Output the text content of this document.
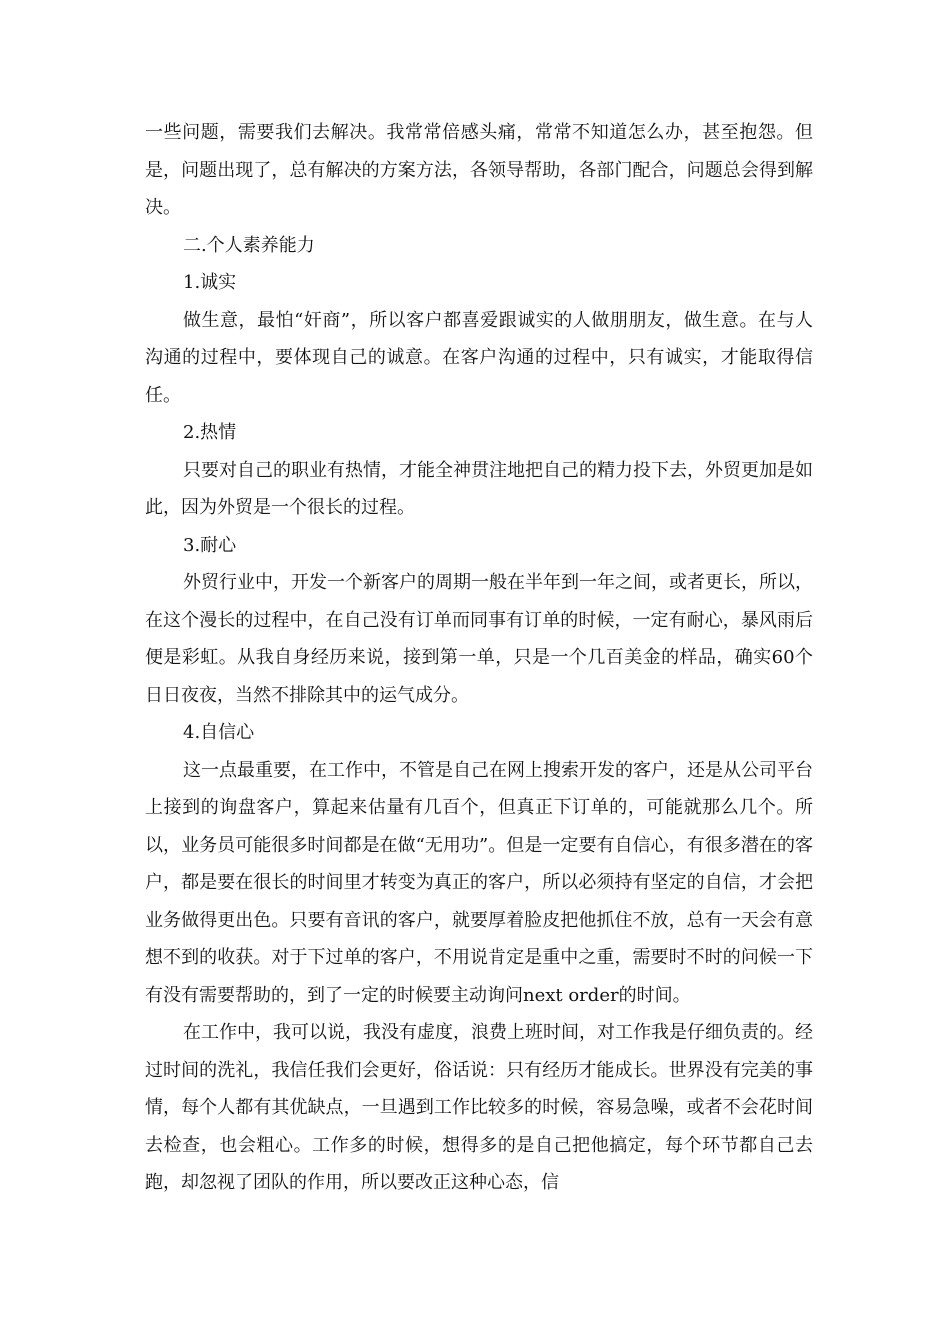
一些问题，需要我们去解决。我常常倍感头痛，常常不知道怎么办，甚至抱怨。但是，问题出现了，总有解决的方案方法，各领导帮助，各部门配合，问题总会得到解决。

二.个人素养能力

1.诚实

做生意，最怕“奸商”，所以客户都喜爱跟诚实的人做朋朋友，做生意。在与人沟通的过程中，要体现自己的诚意。在客户沟通的过程中，只有诚实，才能取得信任。

2.热情

只要对自己的职业有热情，才能全神贯注地把自己的精力投下去，外贸更加是如此，因为外贸是一个很长的过程。

3.耐心

外贸行业中，开发一个新客户的周期一般在半年到一年之间，或者更长，所以，在这个漫长的过程中，在自己没有订单而同事有订单的时候，一定有耐心，暴风雨后便是彩虹。从我自身经历来说，接到第一单，只是一个几百美金的样品，确实60个日日夜夜，当然不排除其中的运气成分。

4.自信心

这一点最重要，在工作中，不管是自己在网上搜索开发的客户，还是从公司平台上接到的询盘客户，算起来估量有几百个，但真正下订单的，可能就那么几个。所以，业务员可能很多时间都是在做“无用功”。但是一定要有自信心，有很多潜在的客户，都是要在很长的时间里才转变为真正的客户，所以必须持有坚定的自信，才会把业务做得更出色。只要有音讯的客户，就要厚着脸皮把他抓住不放，总有一天会有意想不到的收获。对于下过单的客户，不用说肯定是重中之重，需要时不时的问候一下有没有需要帮助的，到了一定的时候要主动询问next order的时间。

在工作中，我可以说，我没有虚度，浪费上班时间，对工作我是仔细负责的。经过时间的洗礼，我信任我们会更好，俗话说：只有经历才能成长。世界没有完美的事情，每个人都有其优缺点，一旦遇到工作比较多的时候，容易急噪，或者不会花时间去检查，也会粗心。工作多的时候，想得多的是自己把他搞定，每个环节都自己去跑，却忽视了团队的作用，所以要改正这种心态，信
